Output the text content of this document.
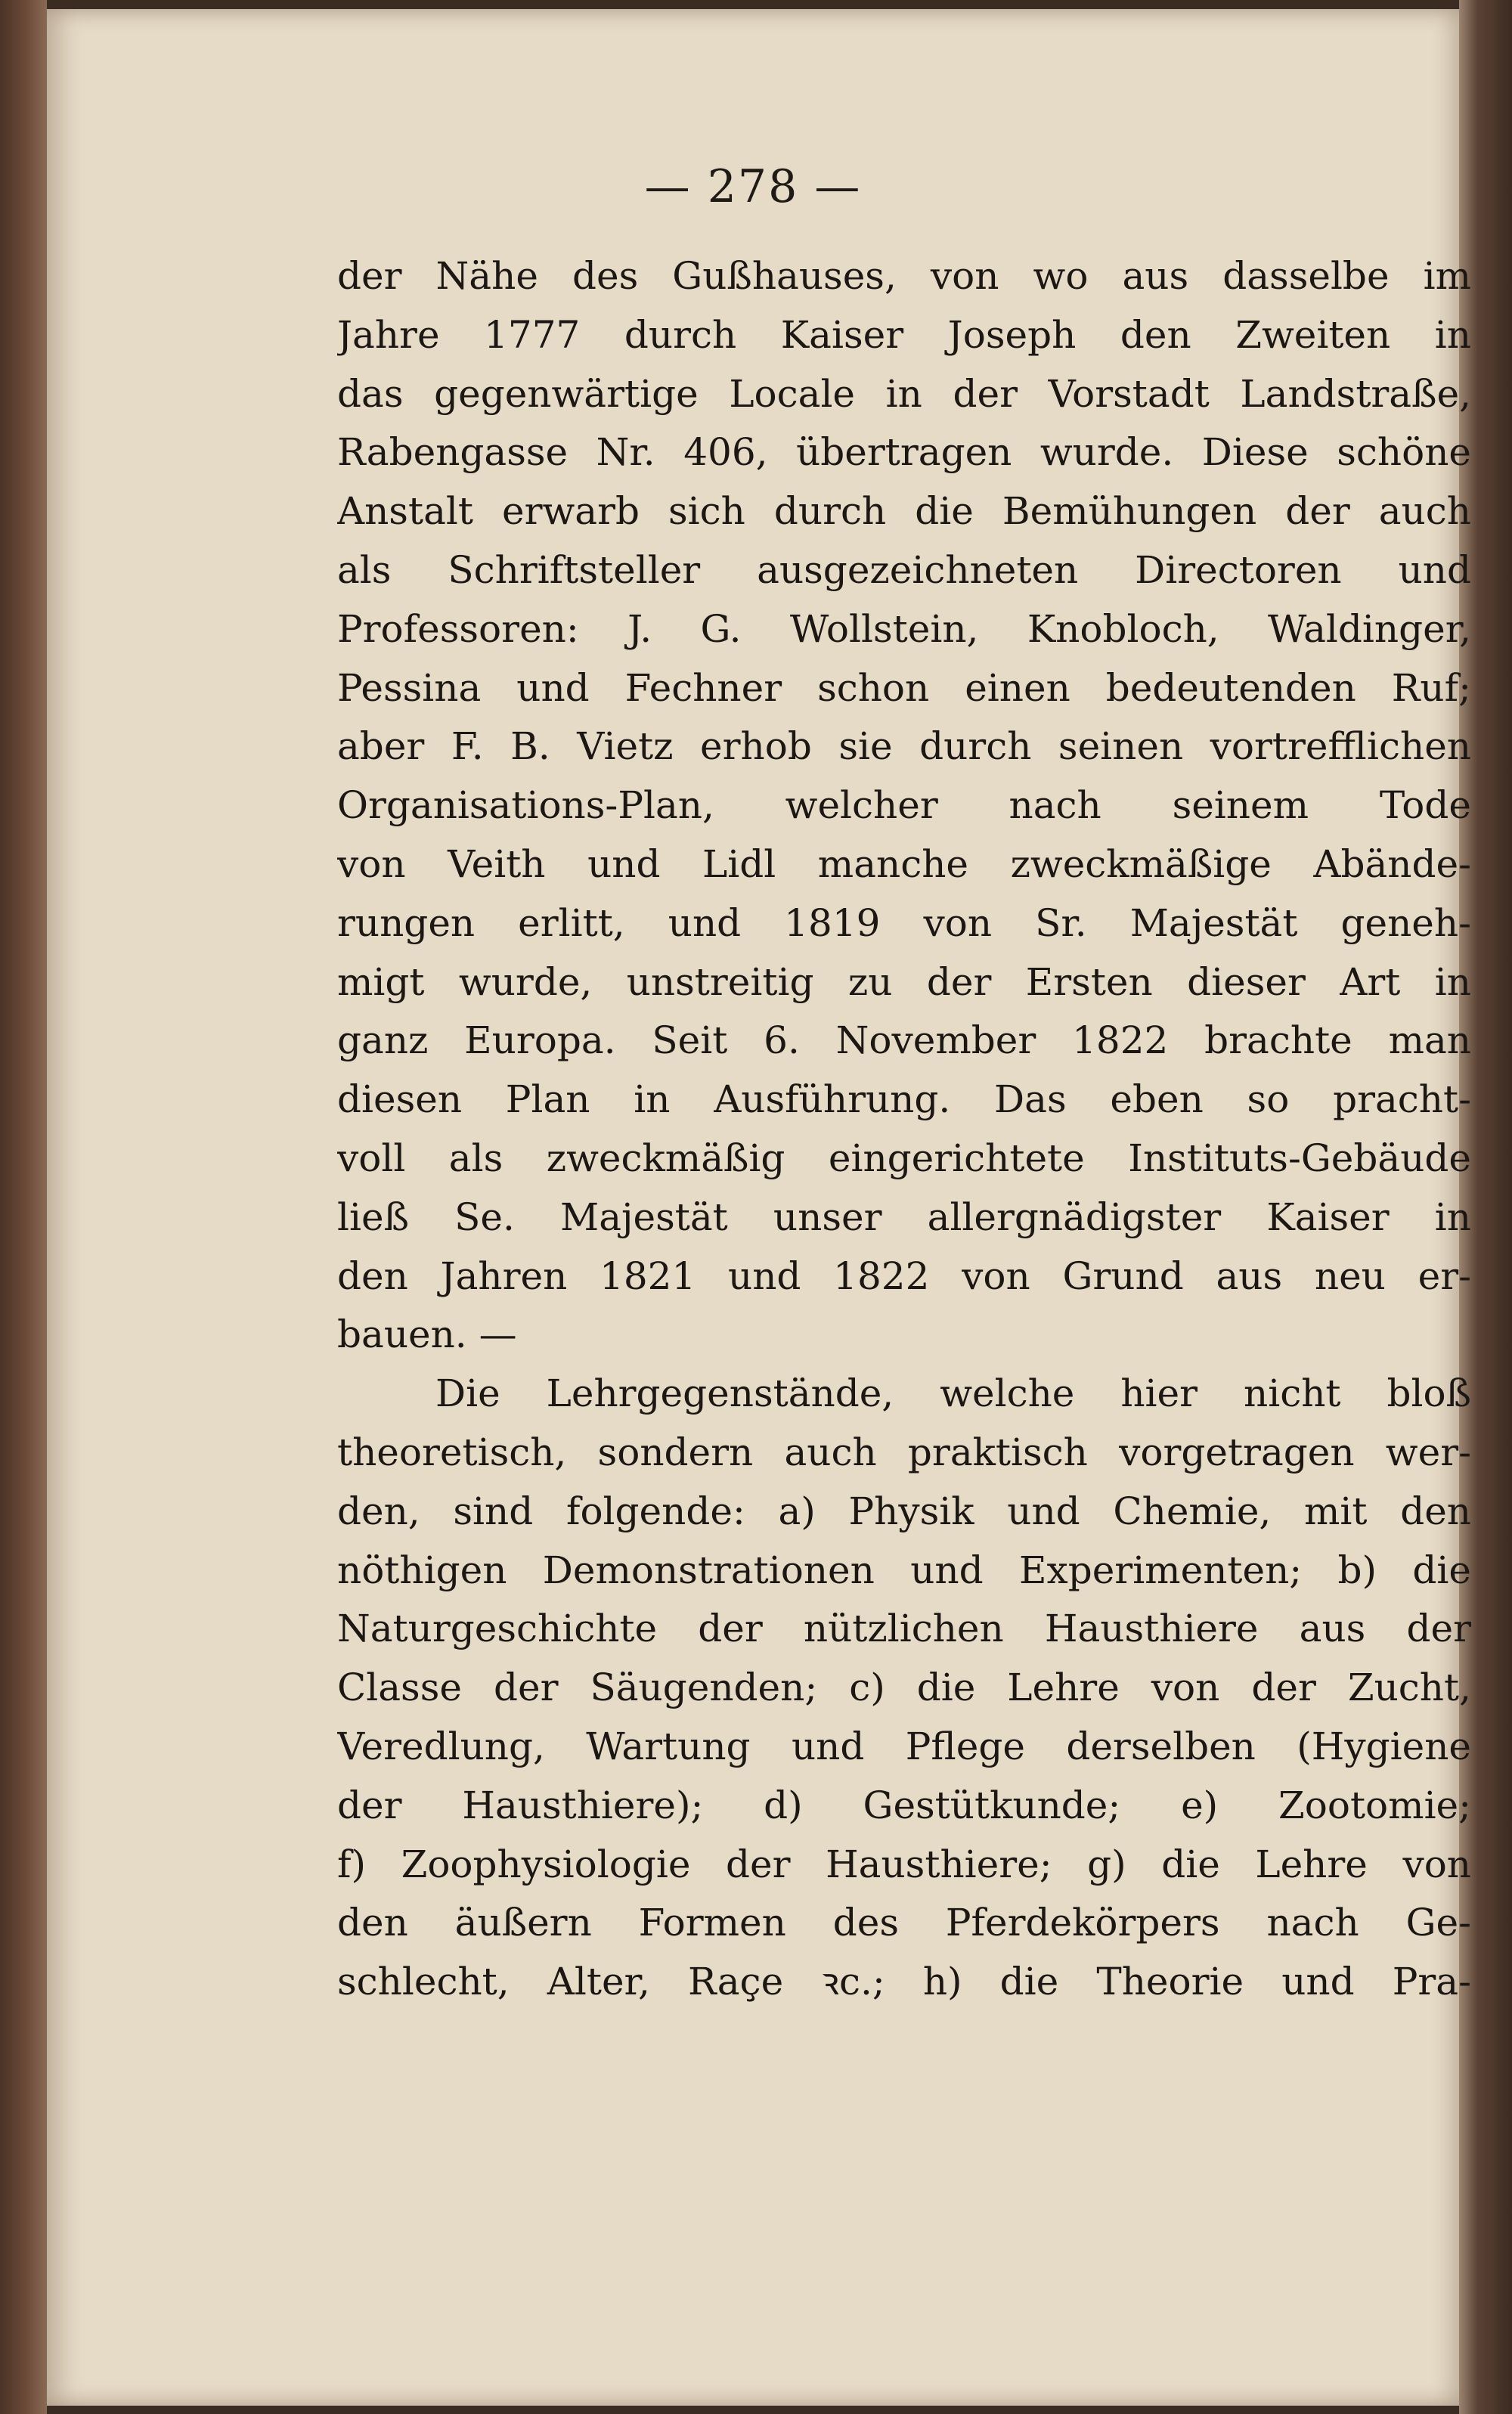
— 278 —
der Nähe des Gußhauses, von wo aus dasselbe im
Jahre 1777 durch Kaiser Joseph den Zweiten in
das gegenwärtige Locale in der Vorstadt Landstraße,
Rabengasse Nr. 406, übertragen wurde. Diese schöne
Anstalt erwarb sich durch die Bemühungen der auch
als Schriftsteller ausgezeichneten Directoren und
Professoren: J. G. Wollstein, Knobloch, Waldinger,
Pessina und Fechner schon einen bedeutenden Ruf;
aber F. B. Vietz erhob sie durch seinen vortrefflichen
Organisations-Plan, welcher nach seinem Tode
von Veith und Lidl manche zweckmäßige Abände-
rungen erlitt, und 1819 von Sr. Majestät geneh-
migt wurde, unstreitig zu der Ersten dieser Art in
ganz Europa. Seit 6. November 1822 brachte man
diesen Plan in Ausführung. Das eben so pracht-
voll als zweckmäßig eingerichtete Instituts-Gebäude
ließ Se. Majestät unser allergnädigster Kaiser in
den Jahren 1821 und 1822 von Grund aus neu er-
bauen. —
Die Lehrgegenstände, welche hier nicht bloß
theoretisch, sondern auch praktisch vorgetragen wer-
den, sind folgende: a) Physik und Chemie, mit den
nöthigen Demonstrationen und Experimenten; b) die
Naturgeschichte der nützlichen Hausthiere aus der
Classe der Säugenden; c) die Lehre von der Zucht,
Veredlung, Wartung und Pflege derselben (Hygiene
der Hausthiere); d) Gestütkunde; e) Zootomie;
f) Zoophysiologie der Hausthiere; g) die Lehre von
den äußern Formen des Pferdekörpers nach Ge-
schlecht, Alter, Raçe ꝛc.; h) die Theorie und Pra-
